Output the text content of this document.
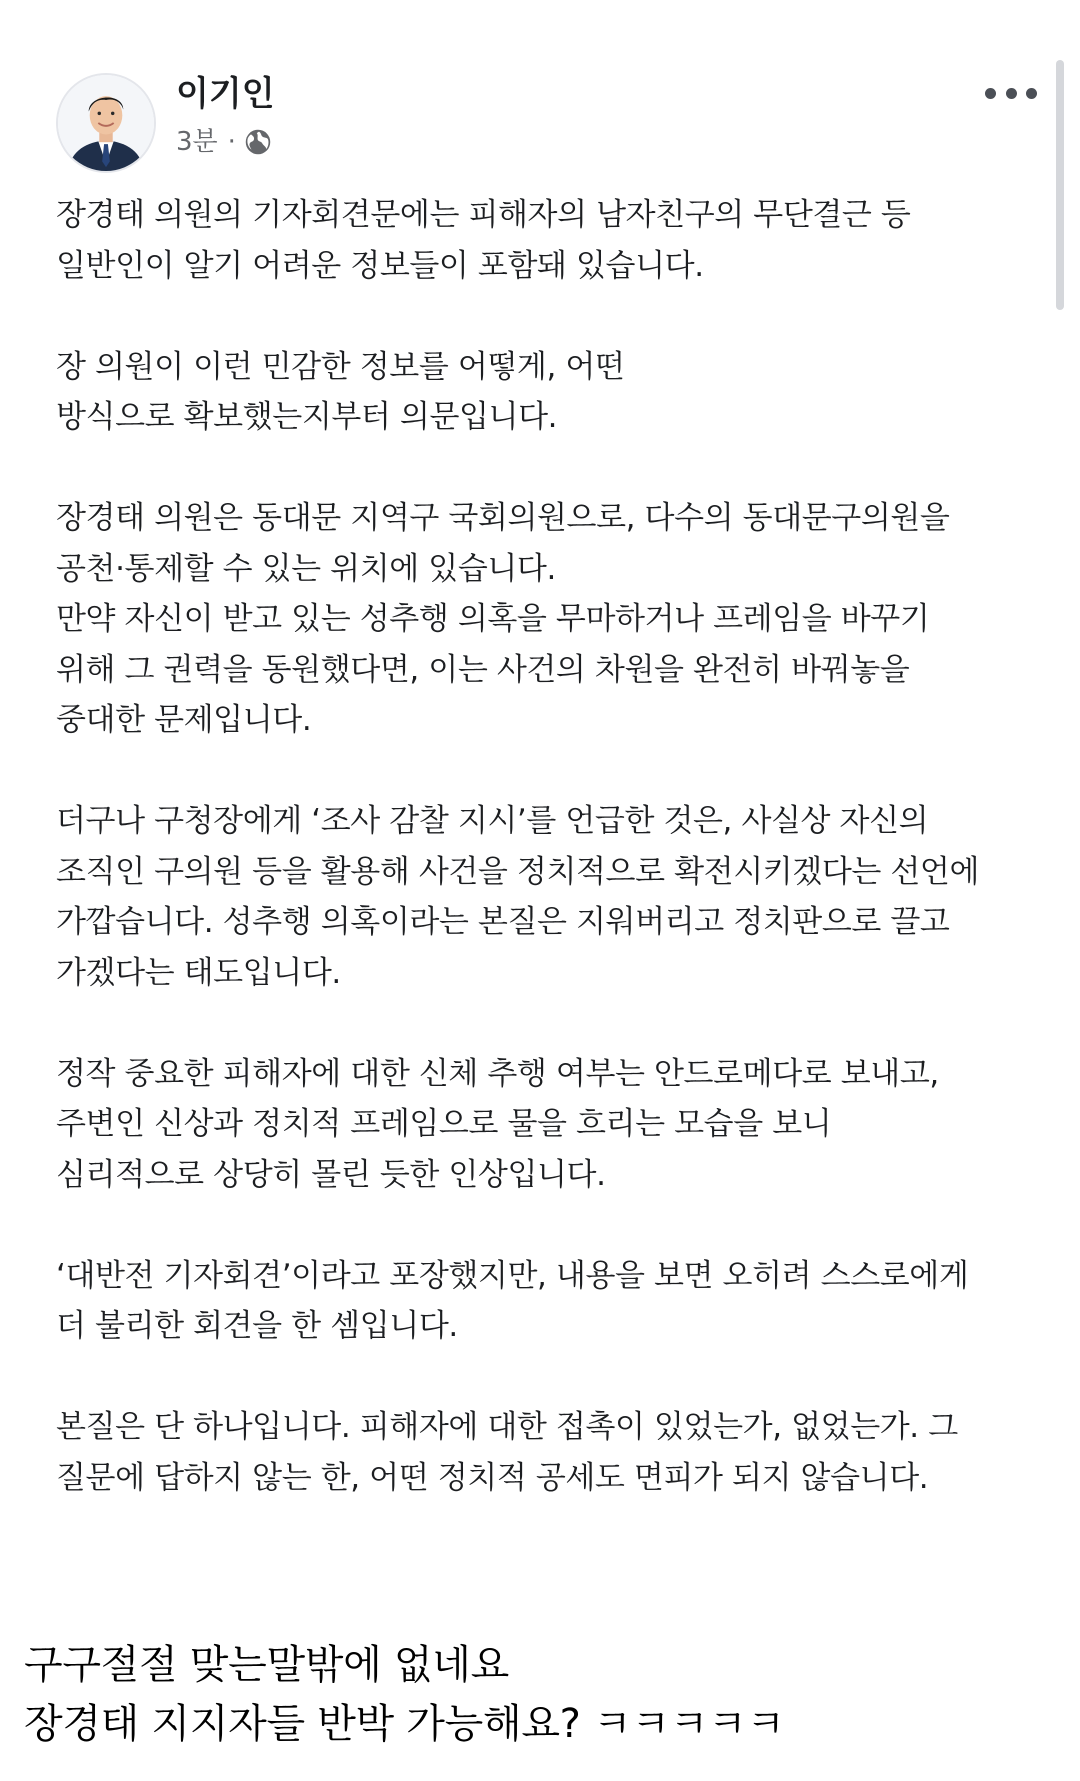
이기인
3분 ·

장경태 의원의 기자회견문에는 피해자의 남자친구의 무단결근 등
일반인이 알기 어려운 정보들이 포함돼 있습니다.

장 의원이 이런 민감한 정보를 어떻게, 어떤
방식으로 확보했는지부터 의문입니다.

장경태 의원은 동대문 지역구 국회의원으로, 다수의 동대문구의원을
공천·통제할 수 있는 위치에 있습니다.
만약 자신이 받고 있는 성추행 의혹을 무마하거나 프레임을 바꾸기
위해 그 권력을 동원했다면, 이는 사건의 차원을 완전히 바꿔놓을
중대한 문제입니다.

더구나 구청장에게 ‘조사 감찰 지시’를 언급한 것은, 사실상 자신의
조직인 구의원 등을 활용해 사건을 정치적으로 확전시키겠다는 선언에
가깝습니다. 성추행 의혹이라는 본질은 지워버리고 정치판으로 끌고
가겠다는 태도입니다.

정작 중요한 피해자에 대한 신체 추행 여부는 안드로메다로 보내고,
주변인 신상과 정치적 프레임으로 물을 흐리는 모습을 보니
심리적으로 상당히 몰린 듯한 인상입니다.

‘대반전 기자회견’이라고 포장했지만, 내용을 보면 오히려 스스로에게
더 불리한 회견을 한 셈입니다.

본질은 단 하나입니다. 피해자에 대한 접촉이 있었는가, 없었는가. 그
질문에 답하지 않는 한, 어떤 정치적 공세도 면피가 되지 않습니다.

구구절절 맞는말밖에 없네요
장경태 지지자들 반박 가능해요? ㅋㅋㅋㅋㅋ
